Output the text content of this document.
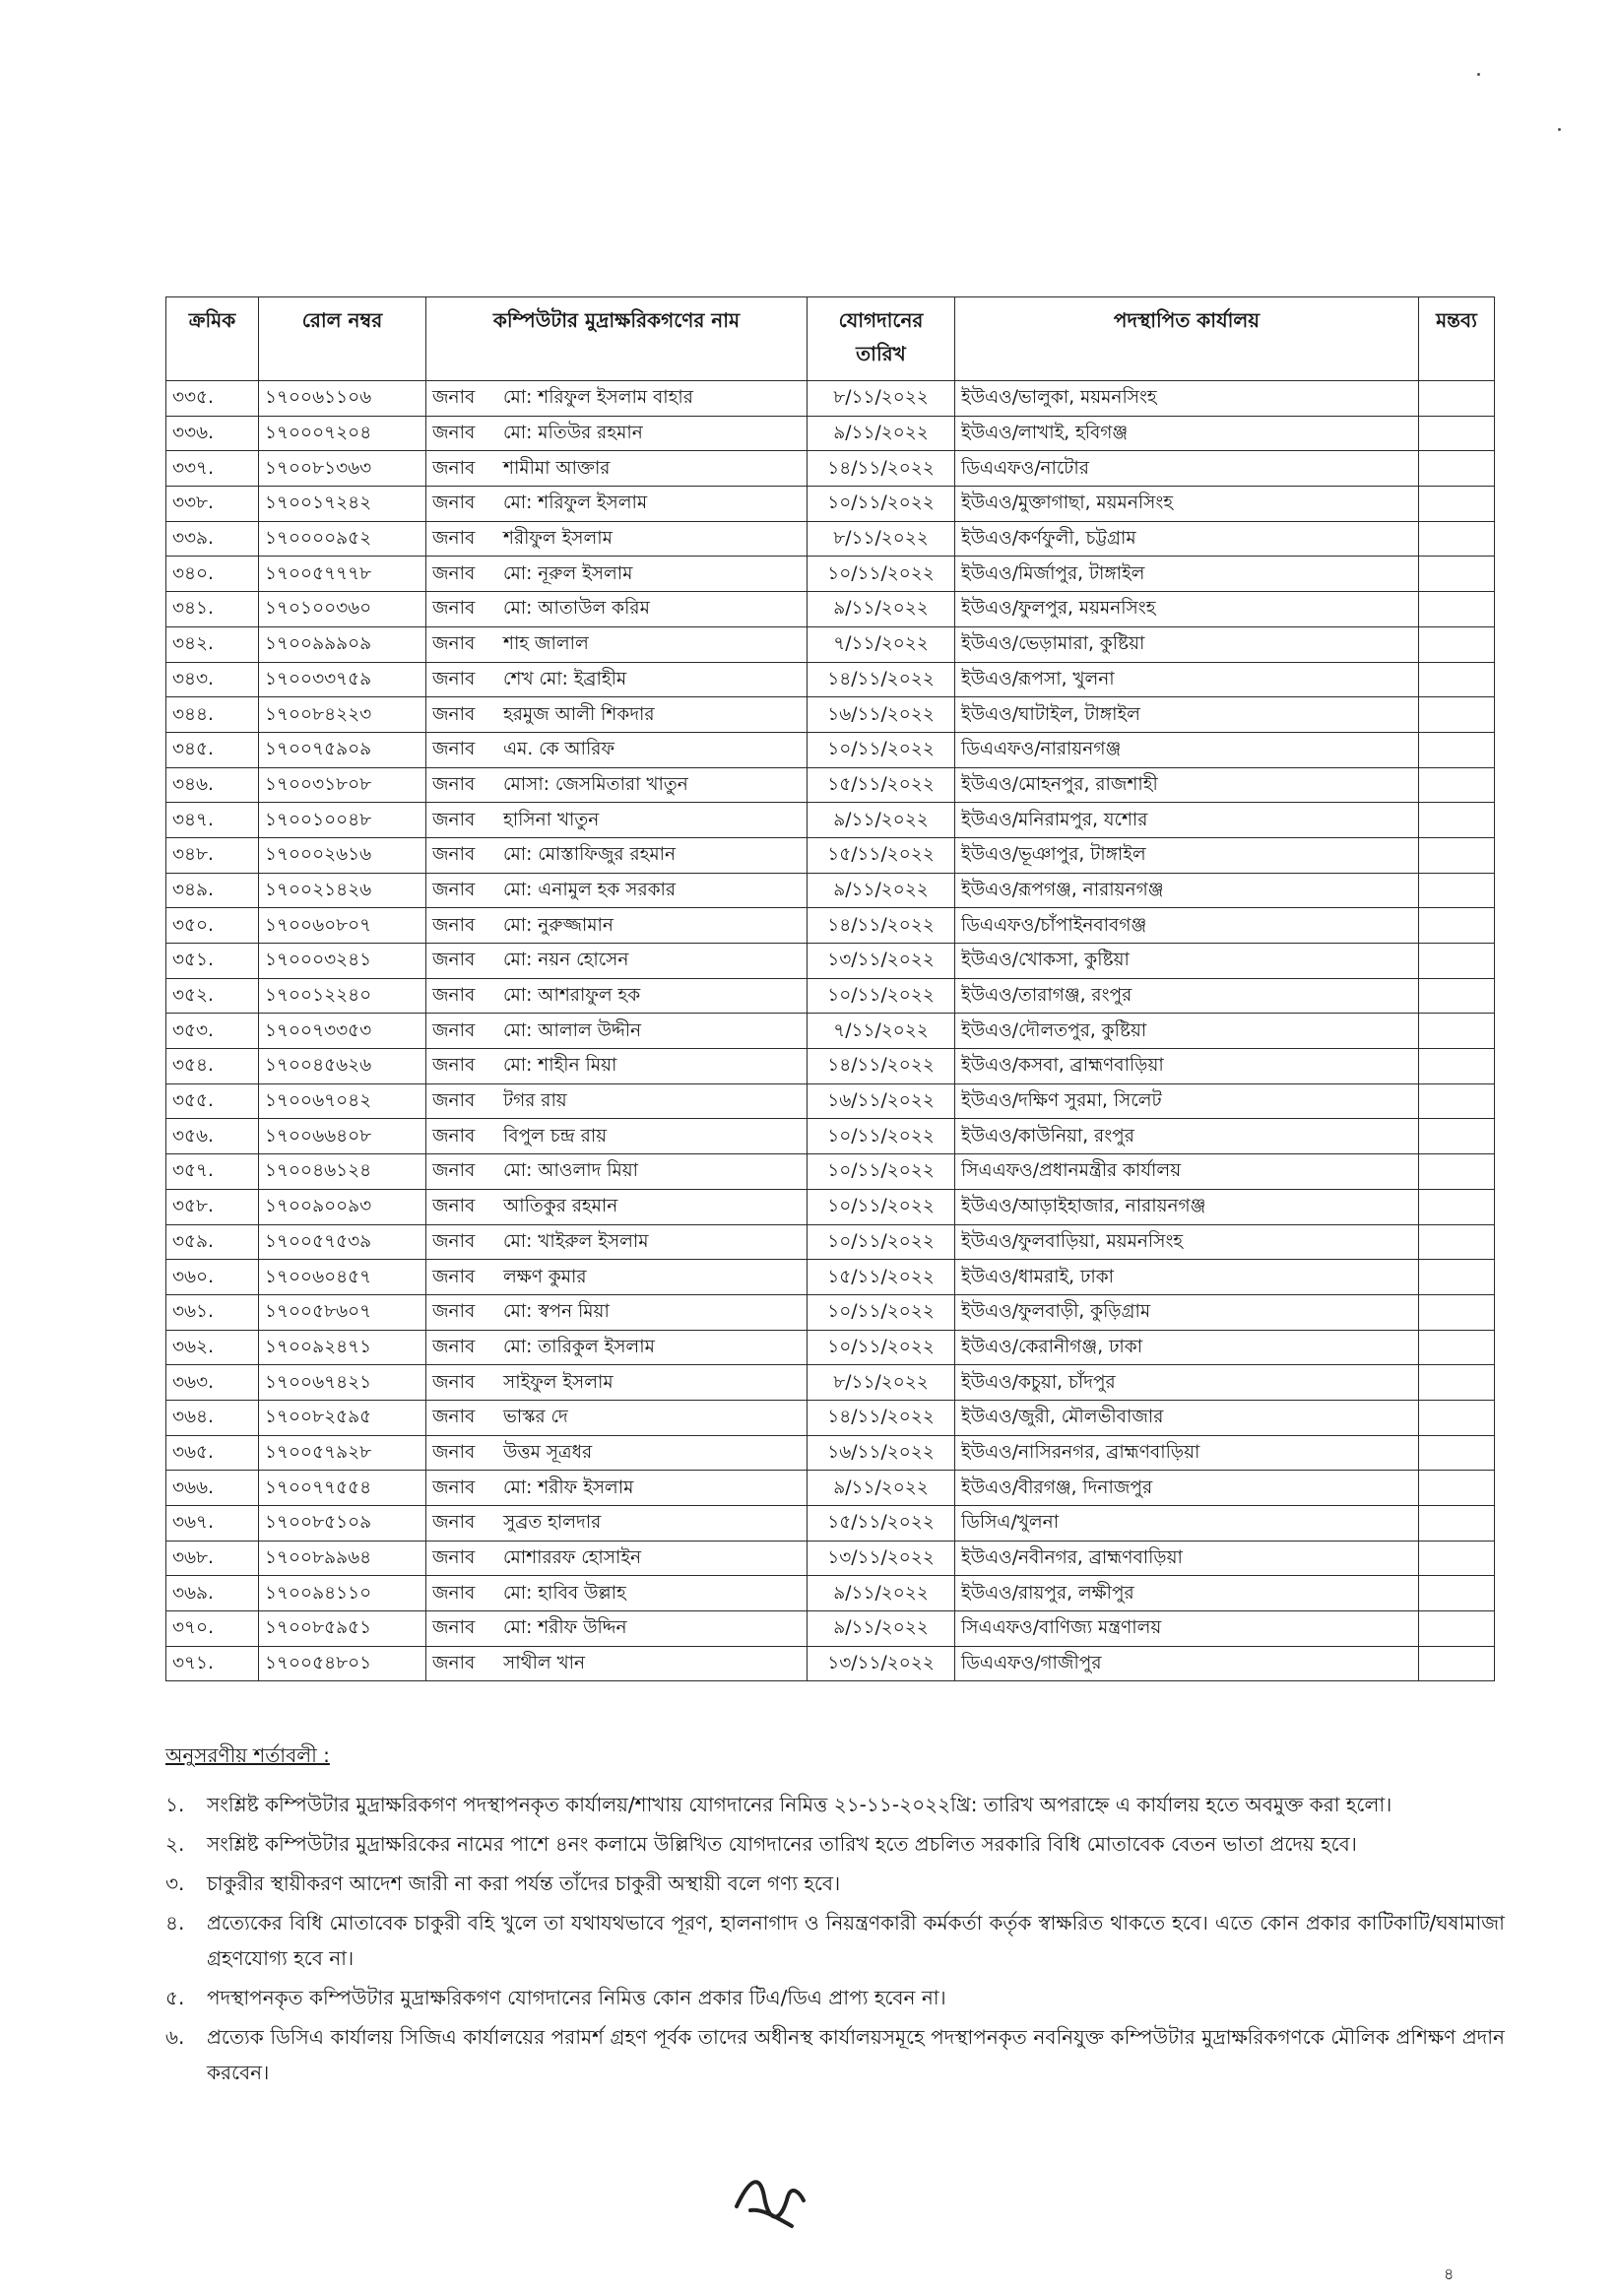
ক্রমিক	রোল নম্বর	কম্পিউটার মুদ্রাক্ষরিকগণের নাম	যোগদানের তারিখ	পদস্থাপিত কার্যালয়	মন্তব্য
৩৩৫.	১৭০০৬১১০৬	জনাব মো: শরিফুল ইসলাম বাহার	৮/১১/২০২২	ইউএও/ভালুকা, ময়মনসিংহ	
৩৩৬.	১৭০০০৭২০৪	জনাব মো: মতিউর রহমান	৯/১১/২০২২	ইউএও/লাখাই, হবিগঞ্জ	
৩৩৭.	১৭০০৮১৩৬৩	জনাব শামীমা আক্তার	১৪/১১/২০২২	ডিএএফও/নাটোর	
৩৩৮.	১৭০০১৭২৪২	জনাব মো: শরিফুল ইসলাম	১০/১১/২০২২	ইউএও/মুক্তাগাছা, ময়মনসিংহ	
৩৩৯.	১৭০০০০৯৫২	জনাব শরীফুল ইসলাম	৮/১১/২০২২	ইউএও/কর্ণফুলী, চট্টগ্রাম	
৩৪০.	১৭০০৫৭৭৭৮	জনাব মো: নূরুল ইসলাম	১০/১১/২০২২	ইউএও/মির্জাপুর, টাঙ্গাইল	
৩৪১.	১৭০১০০৩৬০	জনাব মো: আতাউল করিম	৯/১১/২০২২	ইউএও/ফুলপুর, ময়মনসিংহ	
৩৪২.	১৭০০৯৯৯০৯	জনাব শাহ জালাল	৭/১১/২০২২	ইউএও/ভেড়ামারা, কুষ্টিয়া	
৩৪৩.	১৭০০৩৩৭৫৯	জনাব শেখ মো: ইব্রাহীম	১৪/১১/২০২২	ইউএও/রূপসা, খুলনা	
৩৪৪.	১৭০০৮৪২২৩	জনাব হরমুজ আলী শিকদার	১৬/১১/২০২২	ইউএও/ঘাটাইল, টাঙ্গাইল	
৩৪৫.	১৭০০৭৫৯০৯	জনাব এম. কে আরিফ	১০/১১/২০২২	ডিএএফও/নারায়নগঞ্জ	
৩৪৬.	১৭০০৩১৮০৮	জনাব মোসা: জেসমিতারা খাতুন	১৫/১১/২০২২	ইউএও/মোহনপুর, রাজশাহী	
৩৪৭.	১৭০০১০০৪৮	জনাব হাসিনা খাতুন	৯/১১/২০২২	ইউএও/মনিরামপুর, যশোর	
৩৪৮.	১৭০০০২৬১৬	জনাব মো: মোস্তাফিজুর রহমান	১৫/১১/২০২২	ইউএও/ভূঞাপুর, টাঙ্গাইল	
৩৪৯.	১৭০০২১৪২৬	জনাব মো: এনামুল হক সরকার	৯/১১/২০২২	ইউএও/রূপগঞ্জ, নারায়নগঞ্জ	
৩৫০.	১৭০০৬০৮০৭	জনাব মো: নুরুজ্জামান	১৪/১১/২০২২	ডিএএফও/চাঁপাইনবাবগঞ্জ	
৩৫১.	১৭০০০৩২৪১	জনাব মো: নয়ন হোসেন	১৩/১১/২০২২	ইউএও/খোকসা, কুষ্টিয়া	
৩৫২.	১৭০০১২২৪০	জনাব মো: আশরাফুল হক	১০/১১/২০২২	ইউএও/তারাগঞ্জ, রংপুর	
৩৫৩.	১৭০০৭৩৩৫৩	জনাব মো: আলাল উদ্দীন	৭/১১/২০২২	ইউএও/দৌলতপুর, কুষ্টিয়া	
৩৫৪.	১৭০০৪৫৬২৬	জনাব মো: শাহীন মিয়া	১৪/১১/২০২২	ইউএও/কসবা, ব্রাহ্মণবাড়িয়া	
৩৫৫.	১৭০০৬৭০৪২	জনাব টগর রায়	১৬/১১/২০২২	ইউএও/দক্ষিণ সুরমা, সিলেট	
৩৫৬.	১৭০০৬৬৪০৮	জনাব বিপুল চন্দ্র রায়	১০/১১/২০২২	ইউএও/কাউনিয়া, রংপুর	
৩৫৭.	১৭০০৪৬১২৪	জনাব মো: আওলাদ মিয়া	১০/১১/২০২২	সিএএফও/প্রধানমন্ত্রীর কার্যালয়	
৩৫৮.	১৭০০৯০০৯৩	জনাব আতিকুর রহমান	১০/১১/২০২২	ইউএও/আড়াইহাজার, নারায়নগঞ্জ	
৩৫৯.	১৭০০৫৭৫৩৯	জনাব মো: খাইরুল ইসলাম	১০/১১/২০২২	ইউএও/ফুলবাড়িয়া, ময়মনসিংহ	
৩৬০.	১৭০০৬০৪৫৭	জনাব লক্ষণ কুমার	১৫/১১/২০২২	ইউএও/ধামরাই, ঢাকা	
৩৬১.	১৭০০৫৮৬০৭	জনাব মো: স্বপন মিয়া	১০/১১/২০২২	ইউএও/ফুলবাড়ী, কুড়িগ্রাম	
৩৬২.	১৭০০৯২৪৭১	জনাব মো: তারিকুল ইসলাম	১০/১১/২০২২	ইউএও/কেরানীগঞ্জ, ঢাকা	
৩৬৩.	১৭০০৬৭৪২১	জনাব সাইফুল ইসলাম	৮/১১/২০২২	ইউএও/কচুয়া, চাঁদপুর	
৩৬৪.	১৭০০৮২৫৯৫	জনাব ভাস্কর দে	১৪/১১/২০২২	ইউএও/জুরী, মৌলভীবাজার	
৩৬৫.	১৭০০৫৭৯২৮	জনাব উত্তম সূত্রধর	১৬/১১/২০২২	ইউএও/নাসিরনগর, ব্রাহ্মণবাড়িয়া	
৩৬৬.	১৭০০৭৭৫৫৪	জনাব মো: শরীফ ইসলাম	৯/১১/২০২২	ইউএও/বীরগঞ্জ, দিনাজপুর	
৩৬৭.	১৭০০৮৫১০৯	জনাব সুব্রত হালদার	১৫/১১/২০২২	ডিসিএ/খুলনা	
৩৬৮.	১৭০০৮৯৯৬৪	জনাব মোশাররফ হোসাইন	১৩/১১/২০২২	ইউএও/নবীনগর, ব্রাহ্মণবাড়িয়া	
৩৬৯.	১৭০০৯৪১১০	জনাব মো: হাবিব উল্লাহ	৯/১১/২০২২	ইউএও/রায়পুর, লক্ষীপুর	
৩৭০.	১৭০০৮৫৯৫১	জনাব মো: শরীফ উদ্দিন	৯/১১/২০২২	সিএএফও/বাণিজ্য মন্ত্রণালয়	
৩৭১.	১৭০০৫৪৮০১	জনাব সাথীল খান	১৩/১১/২০২২	ডিএএফও/গাজীপুর	
অনুসরণীয় শর্তাবলী :
১.	সংশ্লিষ্ট কম্পিউটার মুদ্রাক্ষরিকগণ পদস্থাপনকৃত কার্যালয়/শাখায় যোগদানের নিমিত্ত ২১-১১-২০২২খ্রি: তারিখ অপরাহ্নে এ কার্যালয় হতে অবমুক্ত করা হলো।
২.	সংশ্লিষ্ট কম্পিউটার মুদ্রাক্ষরিকের নামের পাশে ৪নং কলামে উল্লিখিত যোগদানের তারিখ হতে প্রচলিত সরকারি বিধি মোতাবেক বেতন ভাতা প্রদেয় হবে।
৩.	চাকুরীর স্থায়ীকরণ আদেশ জারী না করা পর্যন্ত তাঁদের চাকুরী অস্থায়ী বলে গণ্য হবে।
৪.	প্রত্যেকের বিধি মোতাবেক চাকুরী বহি খুলে তা যথাযথভাবে পূরণ, হালনাগাদ ও নিয়ন্ত্রণকারী কর্মকর্তা কর্তৃক স্বাক্ষরিত থাকতে হবে। এতে কোন প্রকার কাটিকাটি/ঘষামাজা গ্রহণযোগ্য হবে না।
৫.	পদস্থাপনকৃত কম্পিউটার মুদ্রাক্ষরিকগণ যোগদানের নিমিত্ত কোন প্রকার টিএ/ডিএ প্রাপ্য হবেন না।
৬.	প্রত্যেক ডিসিএ কার্যালয় সিজিএ কার্যালয়ের পরামর্শ গ্রহণ পূর্বক তাদের অধীনস্থ কার্যালয়সমূহে পদস্থাপনকৃত নবনিযুক্ত কম্পিউটার মুদ্রাক্ষরিকগণকে মৌলিক প্রশিক্ষণ প্রদান করবেন।
৪
